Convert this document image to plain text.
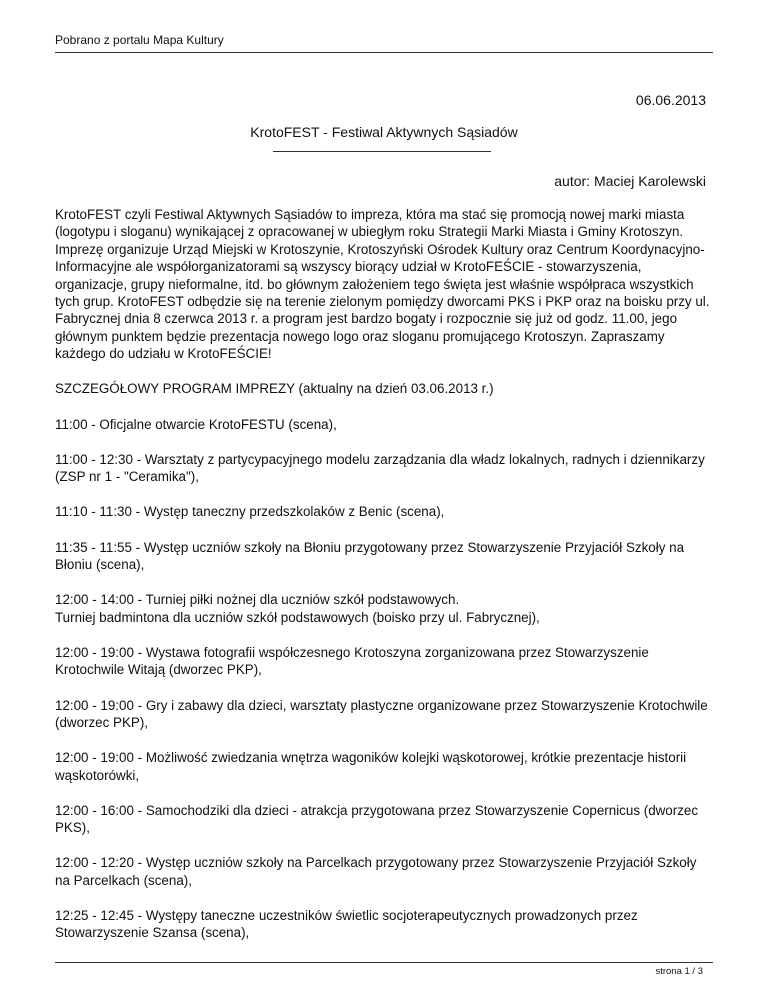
Pobrano z portalu Mapa Kultury
06.06.2013
KrotoFEST - Festiwal Aktywnych Sąsiadów
autor: Maciej Karolewski

KrotoFEST czyli Festiwal Aktywnych Sąsiadów to impreza, która ma stać się promocją nowej marki miasta (logotypu i sloganu) wynikającej z opracowanej w ubiegłym roku Strategii Marki Miasta i Gminy Krotoszyn. Imprezę organizuje Urząd Miejski w Krotoszynie, Krotoszyński Ośrodek Kultury oraz Centrum Koordynacyjno-Informacyjne ale współorganizatorami są wszyscy biorący udział w KrotoFEŚCIE - stowarzyszenia, organizacje, grupy nieformalne, itd. bo głównym założeniem tego święta jest właśnie współpraca wszystkich tych grup. KrotoFEST odbędzie się na terenie zielonym pomiędzy dworcami PKS i PKP oraz na boisku przy ul. Fabrycznej dnia 8 czerwca 2013 r. a program jest bardzo bogaty i rozpocznie się już od godz. 11.00, jego głównym punktem będzie prezentacja nowego logo oraz sloganu promującego Krotoszyn. Zapraszamy każdego do udziału w KrotoFEŚCIE!

SZCZEGÓŁOWY PROGRAM IMPREZY (aktualny na dzień 03.06.2013 r.)

11:00 - Oficjalne otwarcie KrotoFESTU (scena),

11:00 - 12:30 - Warsztaty z partycypacyjnego modelu zarządzania dla władz lokalnych, radnych i dziennikarzy (ZSP nr 1 - "Ceramika"),

11:10 - 11:30 - Występ taneczny przedszkolaków z Benic (scena),

11:35 - 11:55 - Występ uczniów szkoły na Błoniu przygotowany przez Stowarzyszenie Przyjaciół Szkoły na Błoniu (scena),

12:00 - 14:00 - Turniej piłki nożnej dla uczniów szkół podstawowych.
Turniej badmintona dla uczniów szkół podstawowych (boisko przy ul. Fabrycznej),

12:00 - 19:00 - Wystawa fotografii współczesnego Krotoszyna zorganizowana przez Stowarzyszenie Krotochwile Witają (dworzec PKP),

12:00 - 19:00 - Gry i zabawy dla dzieci, warsztaty plastyczne organizowane przez Stowarzyszenie Krotochwile (dworzec PKP),

12:00 - 19:00 - Możliwość zwiedzania wnętrza wagoników kolejki wąskotorowej, krótkie prezentacje historii wąskotorówki,

12:00 - 16:00 - Samochodziki dla dzieci - atrakcja przygotowana przez Stowarzyszenie Copernicus (dworzec PKS),

12:00 - 12:20 - Występ uczniów szkoły na Parcelkach przygotowany przez Stowarzyszenie Przyjaciół Szkoły na Parcelkach (scena),

12:25 - 12:45 - Występy taneczne uczestników świetlic socjoterapeutycznych prowadzonych przez Stowarzyszenie Szansa (scena),

strona 1 / 3
